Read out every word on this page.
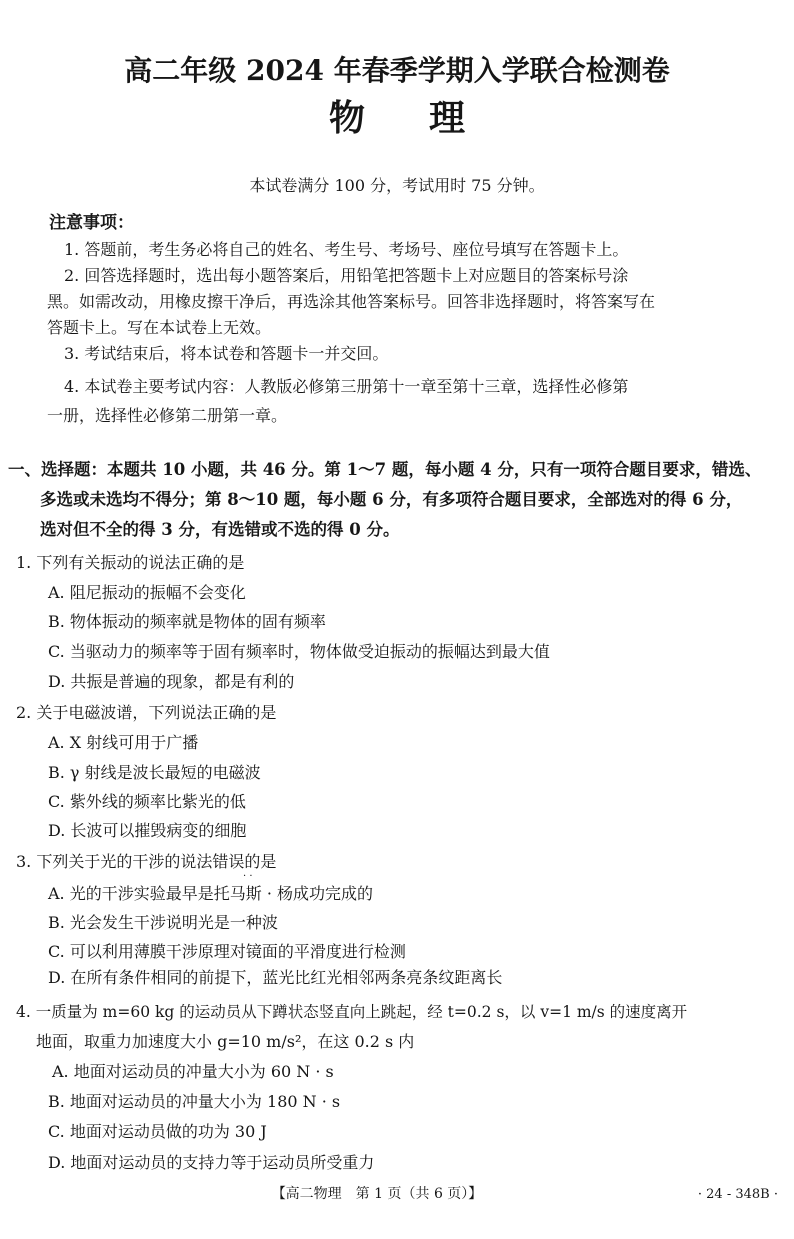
高二年级 2024 年春季学期入学联合检测卷
物理
本试卷满分 100 分，考试用时 75 分钟。
注意事项：
1. 答题前，考生务必将自己的姓名、考生号、考场号、座位号填写在答题卡上。
2. 回答选择题时，选出每小题答案后，用铅笔把答题卡上对应题目的答案标号涂
黑。如需改动，用橡皮擦干净后，再选涂其他答案标号。回答非选择题时，将答案写在
答题卡上。写在本试卷上无效。
3. 考试结束后，将本试卷和答题卡一并交回。
4. 本试卷主要考试内容：人教版必修第三册第十一章至第十三章，选择性必修第
一册，选择性必修第二册第一章。
一、选择题：本题共 10 小题，共 46 分。第 1～7 题，每小题 4 分，只有一项符合题目要求，错选、
多选或未选均不得分；第 8～10 题，每小题 6 分，有多项符合题目要求，全部选对的得 6 分，
选对但不全的得 3 分，有选错或不选的得 0 分。
1. 下列有关振动的说法正确的是
A. 阻尼振动的振幅不会变化
B. 物体振动的频率就是物体的固有频率
C. 当驱动力的频率等于固有频率时，物体做受迫振动的振幅达到最大值
D. 共振是普遍的现象，都是有利的
2. 关于电磁波谱，下列说法正确的是
A. X 射线可用于广播
B. γ 射线是波长最短的电磁波
C. 紫外线的频率比紫光的低
D. 长波可以摧毁病变的细胞
3. 下列关于光的干涉的说法错误的是
· ·
A. 光的干涉实验最早是托马斯 · 杨成功完成的
B. 光会发生干涉说明光是一种波
C. 可以利用薄膜干涉原理对镜面的平滑度进行检测
D. 在所有条件相同的前提下，蓝光比红光相邻两条亮条纹距离长
4. 一质量为 m=60 kg 的运动员从下蹲状态竖直向上跳起，经 t=0.2 s，以 v=1 m/s 的速度离开
地面，取重力加速度大小 g=10 m/s²，在这 0.2 s 内
A. 地面对运动员的冲量大小为 60 N · s
B. 地面对运动员的冲量大小为 180 N · s
C. 地面对运动员做的功为 30 J
D. 地面对运动员的支持力等于运动员所受重力
【高二物理　第 1 页（共 6 页）】	· 24 - 348B ·
